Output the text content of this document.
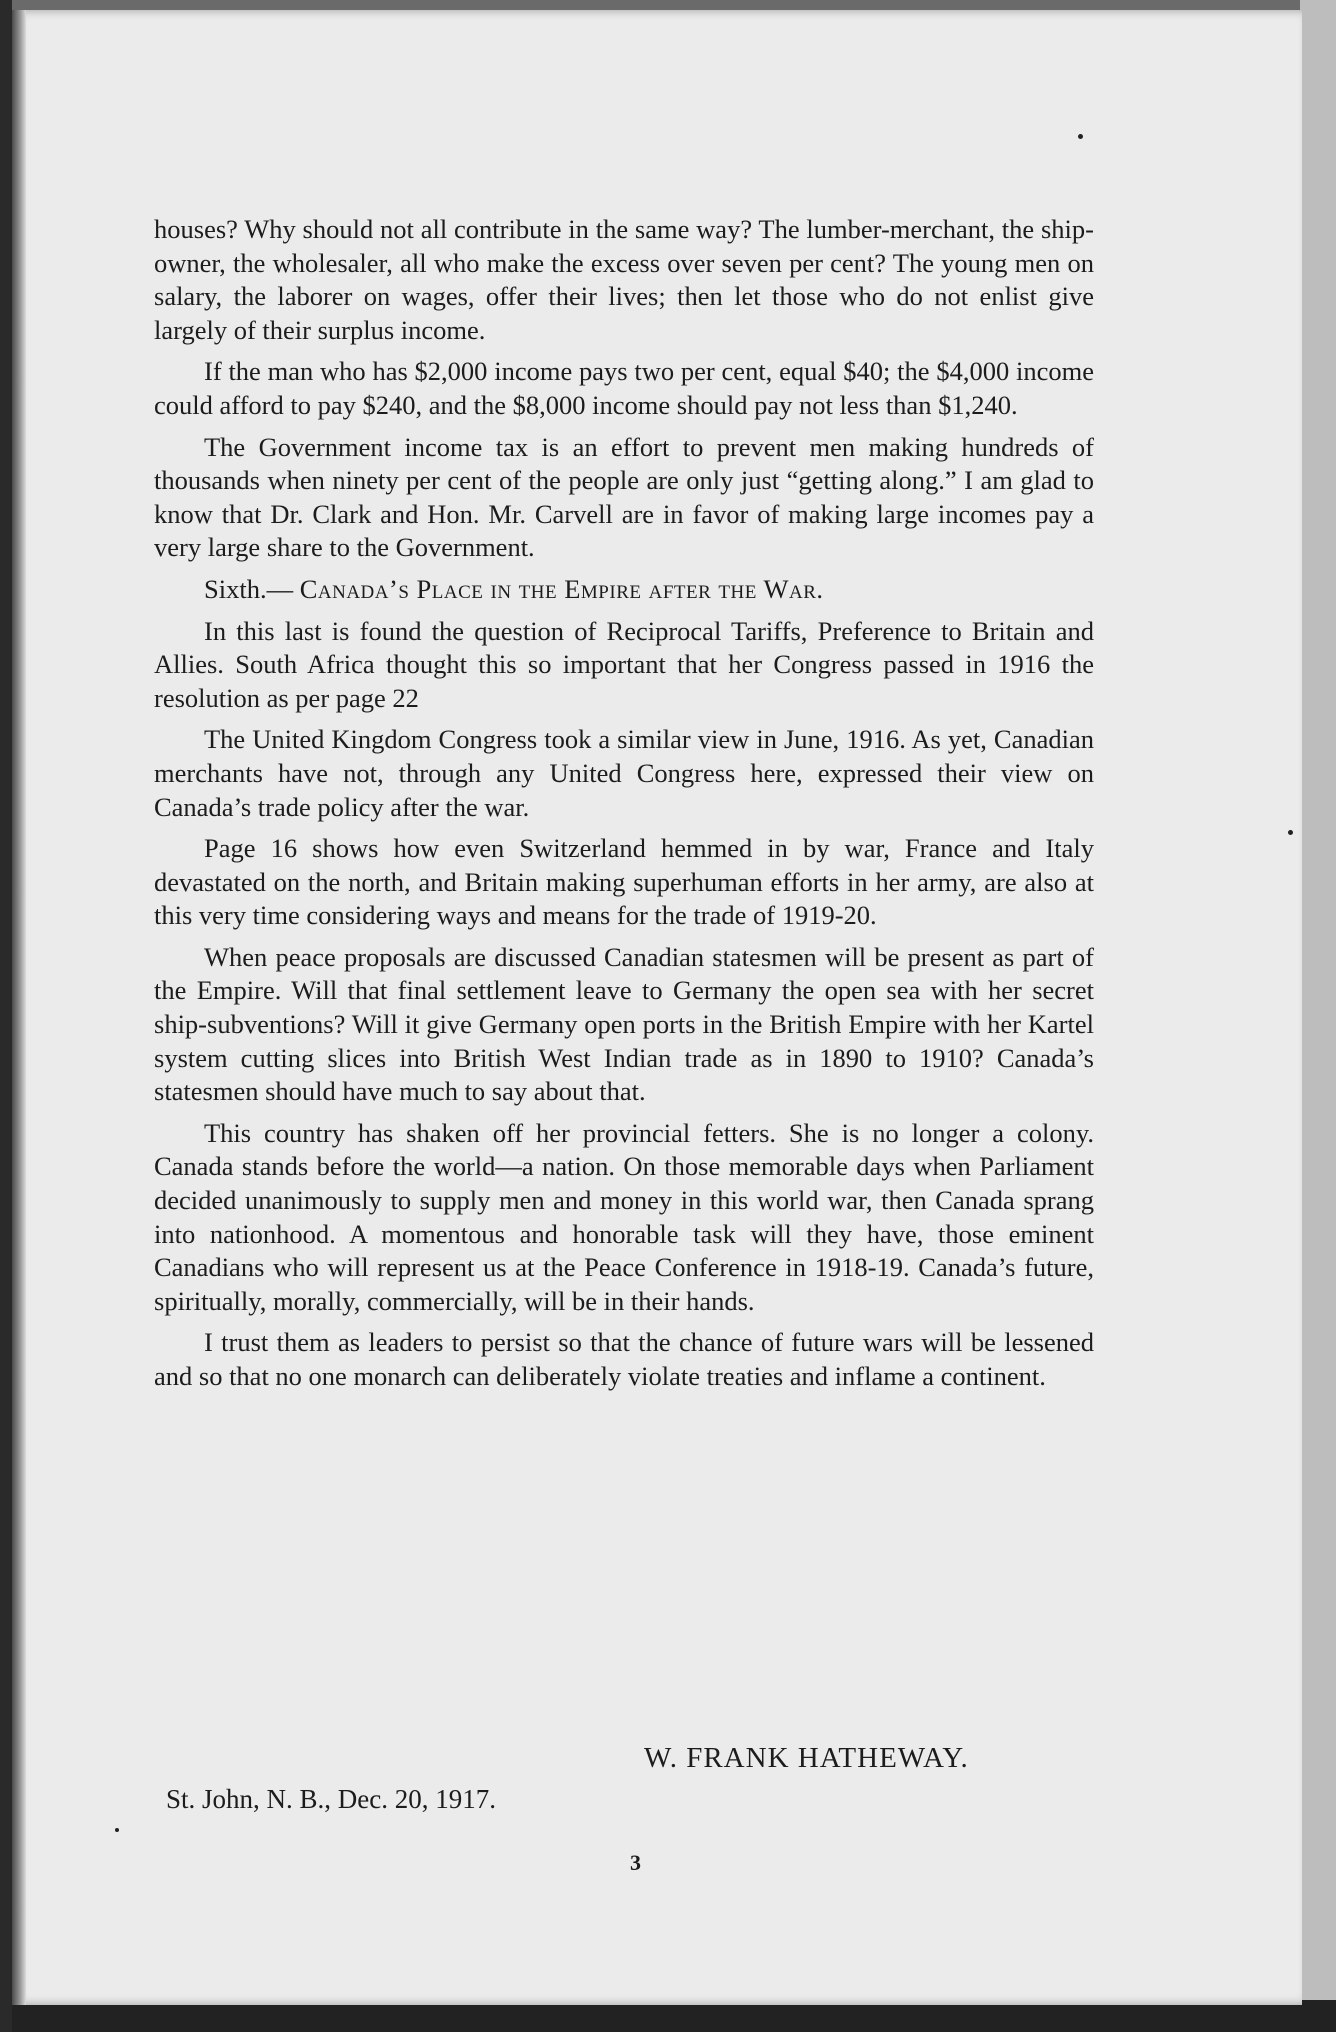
houses? Why should not all contribute in the same way? The lumber-merchant, the ship-owner, the wholesaler, all who make the excess over seven per cent? The young men on salary, the laborer on wages, offer their lives; then let those who do not enlist give largely of their surplus income.

If the man who has $2,000 income pays two per cent, equal $40; the $4,000 income could afford to pay $240, and the $8,000 income should pay not less than $1,240.

The Government income tax is an effort to prevent men making hundreds of thousands when ninety per cent of the people are only just “getting along.” I am glad to know that Dr. Clark and Hon. Mr. Carvell are in favor of making large incomes pay a very large share to the Government.

Sixth.— Canada’s Place in the Empire after the War.

In this last is found the question of Reciprocal Tariffs, Preference to Britain and Allies. South Africa thought this so important that her Congress passed in 1916 the resolution as per page 22

The United Kingdom Congress took a similar view in June, 1916. As yet, Canadian merchants have not, through any United Congress here, expressed their view on Canada’s trade policy after the war.

Page 16 shows how even Switzerland hemmed in by war, France and Italy devastated on the north, and Britain making superhuman efforts in her army, are also at this very time considering ways and means for the trade of 1919-20.

When peace proposals are discussed Canadian statesmen will be present as part of the Empire. Will that final settlement leave to Germany the open sea with her secret ship-subventions? Will it give Germany open ports in the British Empire with her Kartel system cutting slices into British West Indian trade as in 1890 to 1910? Canada’s statesmen should have much to say about that.

This country has shaken off her provincial fetters. She is no longer a colony. Canada stands before the world—a nation. On those memorable days when Parliament decided unanimously to supply men and money in this world war, then Canada sprang into nationhood. A momentous and honorable task will they have, those eminent Canadians who will represent us at the Peace Conference in 1918-19. Canada’s future, spiritually, morally, commercially, will be in their hands.

I trust them as leaders to persist so that the chance of future wars will be lessened and so that no one monarch can deliberately violate treaties and inflame a continent.

W. FRANK HATHEWAY.
St. John, N. B., Dec. 20, 1917.
3
